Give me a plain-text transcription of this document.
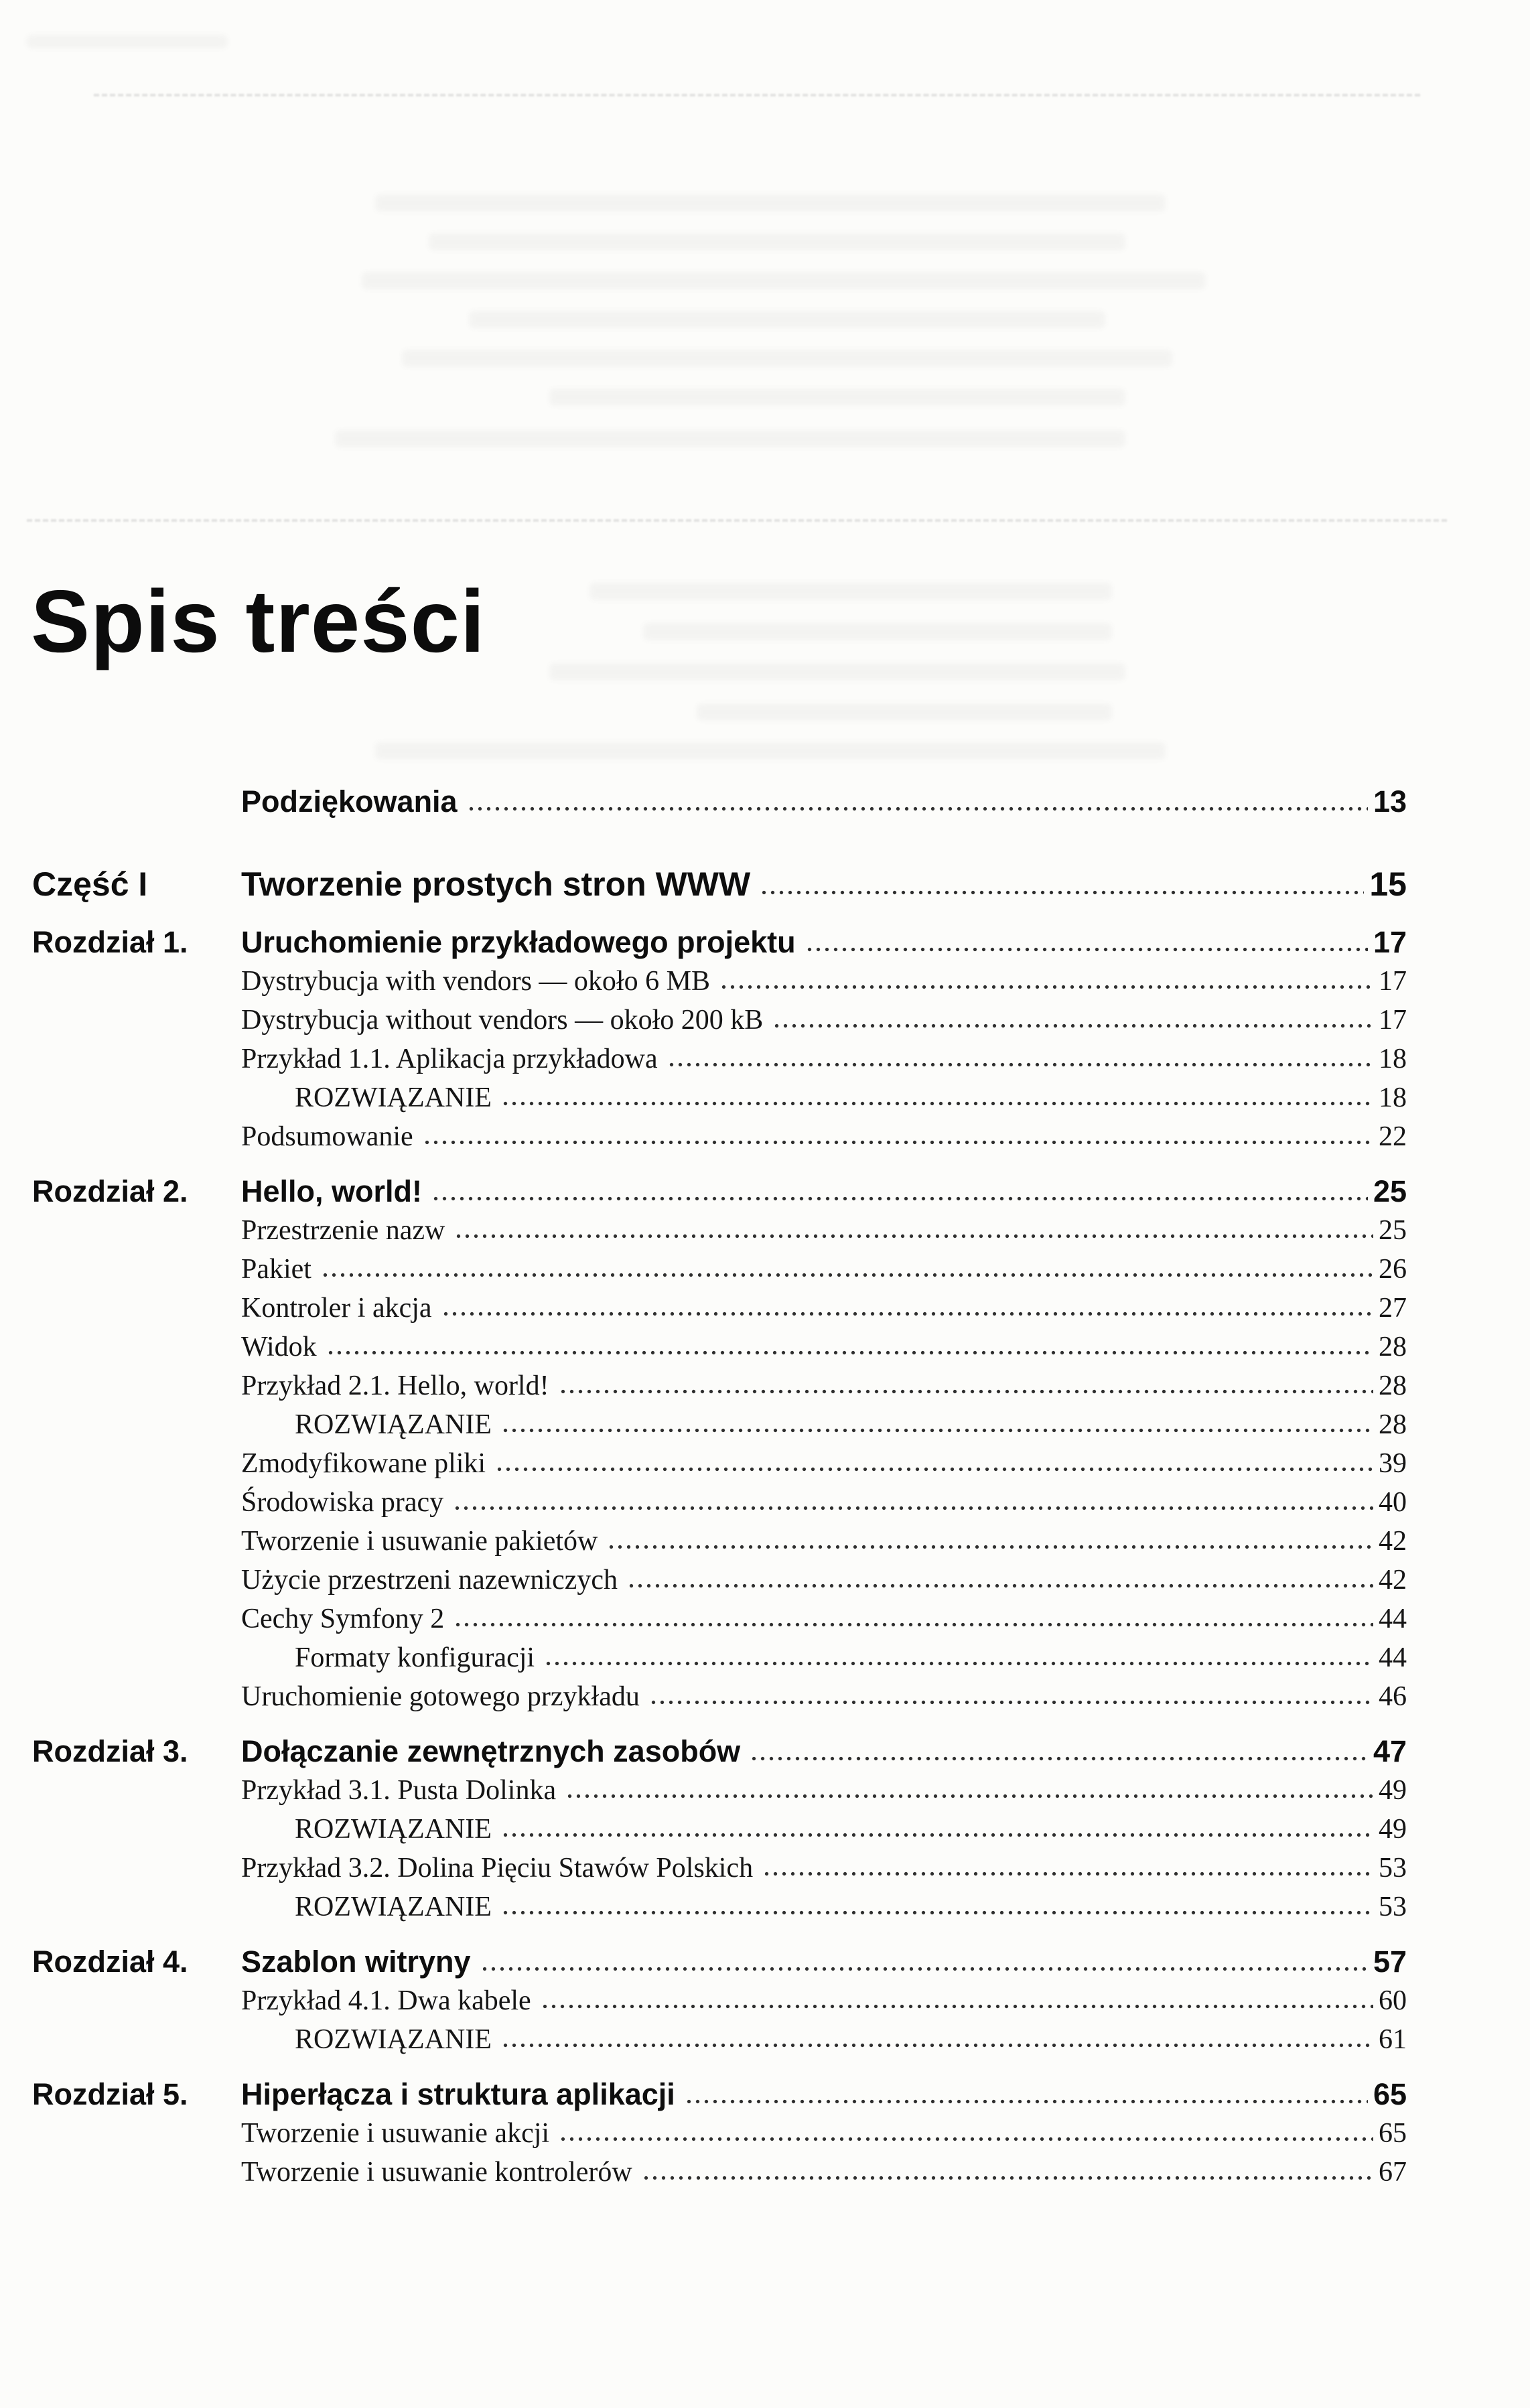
Spis treści
Podziękowania	13
Część I	Tworzenie prostych stron WWW	15
Rozdział 1.	Uruchomienie przykładowego projektu	17
Dystrybucja with vendors — około 6 MB	17
Dystrybucja without vendors — około 200 kB	17
Przykład 1.1. Aplikacja przykładowa	18
ROZWIĄZANIE	18
Podsumowanie	22
Rozdział 2.	Hello, world!	25
Przestrzenie nazw	25
Pakiet	26
Kontroler i akcja	27
Widok	28
Przykład 2.1. Hello, world!	28
ROZWIĄZANIE	28
Zmodyfikowane pliki	39
Środowiska pracy	40
Tworzenie i usuwanie pakietów	42
Użycie przestrzeni nazewniczych	42
Cechy Symfony 2	44
Formaty konfiguracji	44
Uruchomienie gotowego przykładu	46
Rozdział 3.	Dołączanie zewnętrznych zasobów	47
Przykład 3.1. Pusta Dolinka	49
ROZWIĄZANIE	49
Przykład 3.2. Dolina Pięciu Stawów Polskich	53
ROZWIĄZANIE	53
Rozdział 4.	Szablon witryny	57
Przykład 4.1. Dwa kabele	60
ROZWIĄZANIE	61
Rozdział 5.	Hiperłącza i struktura aplikacji	65
Tworzenie i usuwanie akcji	65
Tworzenie i usuwanie kontrolerów	67
